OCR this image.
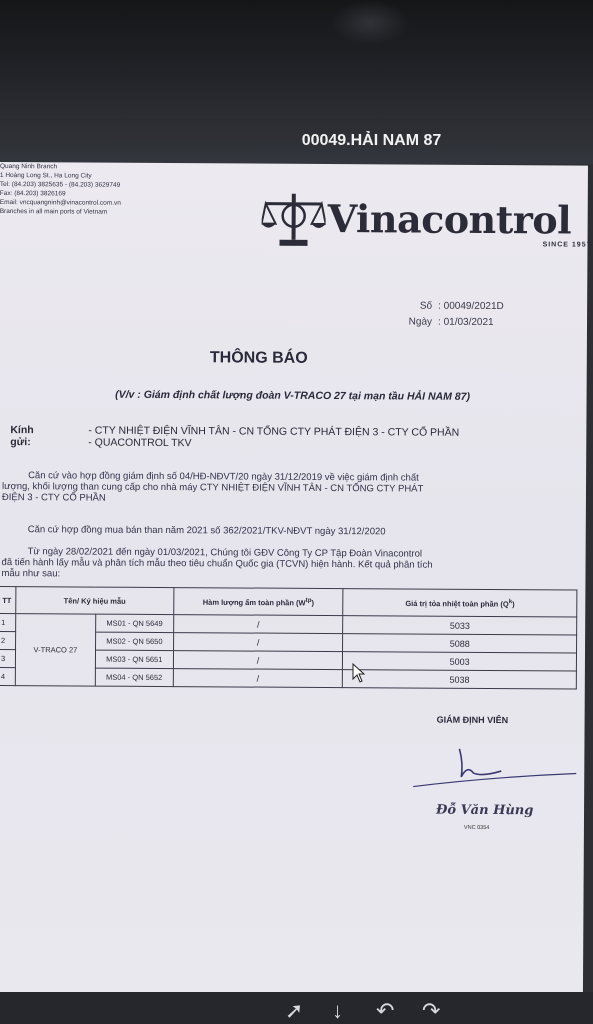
00049.HẢI NAM 87
Quang Ninh Branch
1 Hoàng Long St., Ha Long City
Tel: (84.203) 3825635 - (84.203) 3629749
Fax: (84.203) 3826169
Email: vncquangninh@vinacontrol.com.vn
Branches in all main ports of Vietnam	Vinacontrol
SINCE 1957
Số : 00049/2021D
Ngày : 01/03/2021
THÔNG BÁO
(V/v : Giám định chất lượng đoàn V-TRACO 27 tại mạn tầu HẢI NAM 87)
Kính gửi:
- CTY NHIỆT ĐIỆN VĨNH TÂN - CN TỔNG CTY PHÁT ĐIỆN 3 - CTY CỔ PHẦN
- QUACONTROL TKV
Căn cứ vào hợp đồng giám định số 04/HĐ-NĐVT/20 ngày 31/12/2019 về việc giám định chất
lượng, khối lượng than cung cấp cho nhà máy CTY NHIỆT ĐIỆN VĨNH TÂN - CN TỔNG CTY PHÁT
ĐIỆN 3 - CTY CỔ PHẦN
Căn cứ hợp đồng mua bán than năm 2021 số 362/2021/TKV-NĐVT ngày 31/12/2020
Từ ngày 28/02/2021 đến ngày 01/03/2021, Chúng tôi GĐV Công Ty CP Tập Đoàn Vinacontrol
đã tiến hành lấy mẫu và phân tích mẫu theo tiêu chuẩn Quốc gia (TCVN) hiện hành. Kết quả phân tích
mẫu như sau:
TT	Tên/ Ký hiệu mẫu		Hàm lượng ẩm toàn phần $(W^{tp})$	Giá trị tỏa nhiệt toàn phần $(Q^k)$
1	V-TRACO 27	MS01 - QN 5649	/	5033
2		MS02 - QN 5650	/	5088
3		MS03 - QN 5651	/	5003
4		MS04 - QN 5652	/	5038
GIÁM ĐỊNH VIÊN
Đỗ Văn Hùng
VNC 0354
➚ ↓ ↶ ↷
